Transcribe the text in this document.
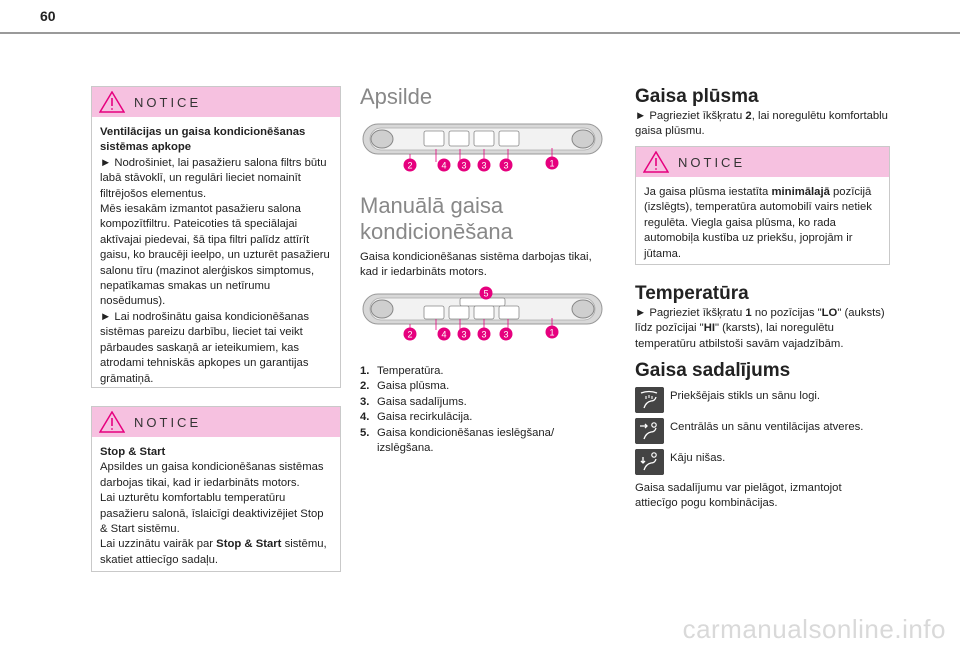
60
NOTICE

Ventilācijas un gaisa kondicionēšanas sistēmas apkope

► Nodrošiniet, lai pasažieru salona filtrs būtu labā stāvoklī, un regulāri lieciet nomainīt filtrējošos elementus.

Mēs iesakām izmantot pasažieru salona kompozītfiltru. Pateicoties tā speciālajai aktīvajai piedevai, šā tipa filtri palīdz attīrīt gaisu, ko braucēji ieelpo, un uzturēt pasažieru salonu tīru (mazinot alerģiskos simptomus, nepatīkamas smakas un netīrumu nosēdumus).

► Lai nodrošinātu gaisa kondicionēšanas sistēmas pareizu darbību, lieciet tai veikt pārbaudes saskaņā ar ieteikumiem, kas atrodami tehniskās apkopes un garantijas grāmatiņā.

NOTICE

Stop & Start

Apsildes un gaisa kondicionēšanas sistēmas darbojas tikai, kad ir iedarbināts motors.

Lai uzturētu komfortablu temperatūru pasažieru salonā, īslaicīgi deaktivizējiet Stop & Start sistēmu.

Lai uzzinātu vairāk par Stop & Start sistēmu, skatiet attiecīgo sadaļu.

Apsilde
2	4 3 3 3	1
Manuālā gaisa
kondicionēšana
Gaisa kondicionēšanas sistēma darbojas tikai, kad ir iedarbināts motors.
5
2	4 3 3 3	1
1. Temperatūra.
2. Gaisa plūsma.
3. Gaisa sadalījums.
4. Gaisa recirkulācija.
5. Gaisa kondicionēšanas ieslēgšana/ izslēgšana.
Gaisa plūsma
► Pagrieziet īkšķratu 2, lai noregulētu komfortablu gaisa plūsmu.
NOTICE

Ja gaisa plūsma iestatīta minimālajā pozīcijā (izslēgts), temperatūra automobilī vairs netiek regulēta. Viegla gaisa plūsma, ko rada automobiļa kustība uz priekšu, joprojām ir jūtama.

Temperatūra
► Pagrieziet īkšķratu 1 no pozīcijas "LO" (auksts) līdz pozīcijai "HI" (karsts), lai noregulētu temperatūru atbilstoši savām vajadzībām.
Gaisa sadalījums
Priekšējais stikls un sānu logi.
Centrālās un sānu ventilācijas atveres.
Kāju nišas.
Gaisa sadalījumu var pielāgot, izmantojot attiecīgo pogu kombinācijas.
carmanualsonline.info
